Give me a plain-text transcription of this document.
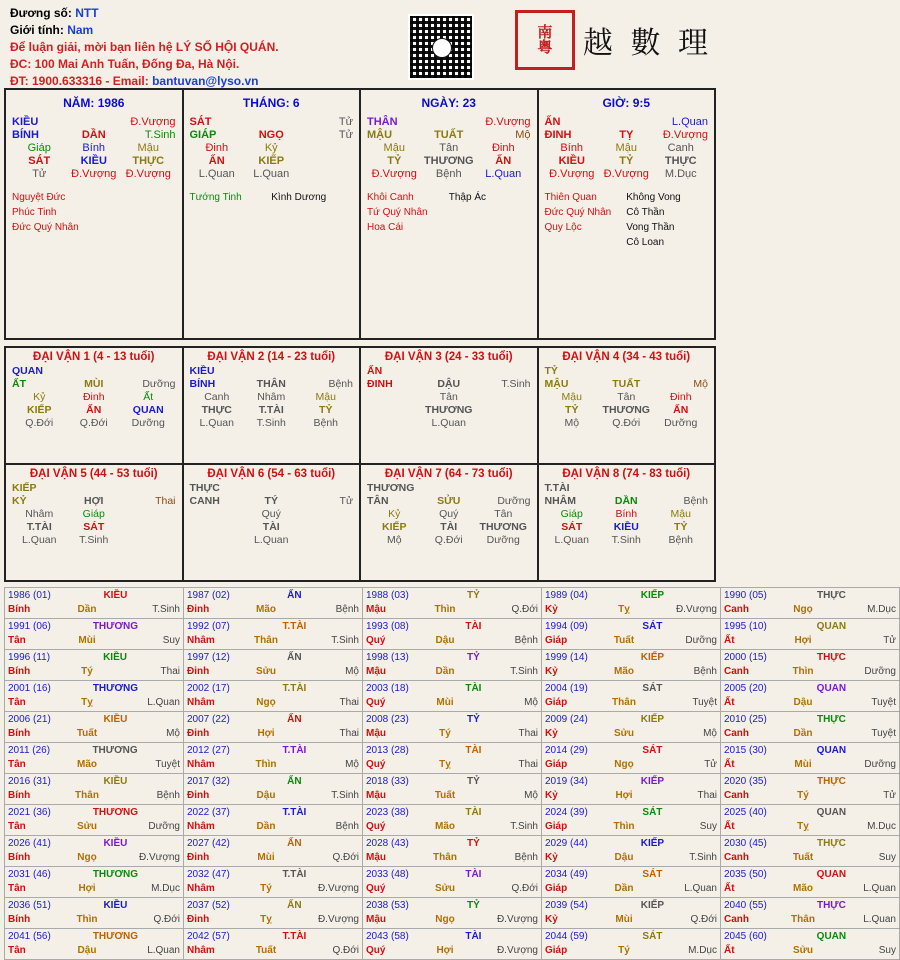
Đương số: NTT
Giới tính: Nam
Để luận giải, mời bạn liên hệ LÝ SỐ HỘI QUÁN.
ĐC: 100 Mai Anh Tuấn, Đống Đa, Hà Nội.
ĐT: 1900.633316 - Email: bantuvan@lyso.vn
南
粵 越 數 理
NĂM: 1986
KIỀU	Đ.Vượng
BÍNH	DẦN	T.Sinh
Giáp	Bính	Mậu
SÁT	KIỀU	THỰC
Tử	Đ.Vượng Đ.Vượng
Nguyệt Đức
Phúc Tinh
Đức Quý Nhân
THÁNG: 6
SÁT	Tử
GIÁP	NGỌ	Tử
Đinh	Kỷ
ẤN	KIẾP
L.Quan	L.Quan
Tướng Tinh	Kình Dương
NGÀY: 23
THÂN	Đ.Vượng
MẬU	TUẤT	Mộ
Mậu	Tân	Đinh
TỶ	THƯƠNG	ẤN
Đ.Vượng	Bệnh	L.Quan
Khôi Canh	Thập Ác
Tứ Quý Nhân
Hoa Cái
GIỜ: 9:5
ẤN	L.Quan
ĐINH	TỴ	Đ.Vượng
Bính	Mậu	Canh
KIỀU	TỶ	THỰC
Đ.Vượng Đ.Vượng	M.Dục
Thiên Quan	Không Vong
Đức Quý Nhân	Cô Thần
Quy Lộc	Vong Thần
Cô Loan
ĐẠI VẬN 1 (4 - 13 tuổi)
QUAN
ẤT	MÙI	Dưỡng
Kỷ	Đinh	Ất
KIẾP	ẤN	QUAN
Q.Đới	Q.Đới	Dưỡng
ĐẠI VẬN 2 (14 - 23 tuổi)
KIỀU
BÍNH	THÂN	Bệnh
Canh	Nhâm	Mậu
THỰC	T.TÀI	TỶ
L.Quan	T.Sinh	Bệnh
ĐẠI VẬN 3 (24 - 33 tuổi)
ẤN
ĐINH	DẬU	T.Sinh
Tân
THƯƠNG
L.Quan
ĐẠI VẬN 4 (34 - 43 tuổi)
TỶ
MẬU	TUẤT	Mộ
Mậu	Tân	Đinh
TỶ	THƯƠNG	ẤN
Mộ	Q.Đới	Dưỡng
ĐẠI VẬN 5 (44 - 53 tuổi)
KIẾP
KỶ	HỢI	Thai
Nhâm	Giáp
T.TÀI	SÁT
L.Quan	T.Sinh
ĐẠI VẬN 6 (54 - 63 tuổi)
THỰC
CANH	TÝ	Tử
Quý
TÀI
L.Quan
ĐẠI VẬN 7 (64 - 73 tuổi)
THƯƠNG
TÂN	SỬU	Dưỡng
Kỷ	Quý	Tân
KIẾP	TÀI	THƯƠNG
Mộ	Q.Đới	Dưỡng
ĐẠI VẬN 8 (74 - 83 tuổi)
T.TÀI
NHÂM	DẦN	Bệnh
Giáp	Bính	Mậu
SÁT	KIỀU	TỶ
L.Quan	T.Sinh	Bệnh
1986 (01)	KIỀU
Bính	Dần	T.Sinh

1987 (02)	ẤN
Đinh	Mão	Bệnh

1988 (03)	TỶ
Mậu	Thìn	Q.Đới

1989 (04)	KIẾP
Kỷ	Tỵ	Đ.Vượng

1990 (05)	THỰC
Canh	Ngọ	M.Dục

1991 (06)	THƯƠNG
Tân	Mùi	Suy

1992 (07)	T.TÀI
Nhâm	Thân	T.Sinh

1993 (08)	TÀI
Quý	Dậu	Bệnh

1994 (09)	SÁT
Giáp	Tuất	Dưỡng

1995 (10)	QUAN
Ất	Hợi	Tử

1996 (11)	KIỀU
Bính	Tý	Thai

1997 (12)	ẤN
Đinh	Sửu	Mộ

1998 (13)	TỶ
Mậu	Dần	T.Sinh

1999 (14)	KIẾP
Kỷ	Mão	Bệnh

2000 (15)	THỰC
Canh	Thìn	Dưỡng

2001 (16)	THƯƠNG
Tân	Tỵ	L.Quan

2002 (17)	T.TÀI
Nhâm	Ngọ	Thai

2003 (18)	TÀI
Quý	Mùi	Mộ

2004 (19)	SÁT
Giáp	Thân	Tuyệt

2005 (20)	QUAN
Ất	Dậu	Tuyệt

2006 (21)	KIỀU
Bính	Tuất	Mộ

2007 (22)	ẤN
Đinh	Hợi	Thai

2008 (23)	TỶ
Mậu	Tý	Thai

2009 (24)	KIẾP
Kỷ	Sửu	Mộ

2010 (25)	THỰC
Canh	Dần	Tuyệt

2011 (26)	THƯƠNG
Tân	Mão	Tuyệt

2012 (27)	T.TÀI
Nhâm	Thìn	Mộ

2013 (28)	TÀI
Quý	Tỵ	Thai

2014 (29)	SÁT
Giáp	Ngọ	Tử

2015 (30)	QUAN
Ất	Mùi	Dưỡng

2016 (31)	KIỀU
Bính	Thân	Bệnh

2017 (32)	ẤN
Đinh	Dậu	T.Sinh

2018 (33)	TỶ
Mậu	Tuất	Mộ

2019 (34)	KIẾP
Kỷ	Hợi	Thai

2020 (35)	THỰC
Canh	Tý	Tử

2021 (36)	THƯƠNG
Tân	Sửu	Dưỡng

2022 (37)	T.TÀI
Nhâm	Dần	Bệnh

2023 (38)	TÀI
Quý	Mão	T.Sinh

2024 (39)	SÁT
Giáp	Thìn	Suy

2025 (40)	QUAN
Ất	Tỵ	M.Dục

2026 (41)	KIỀU
Bính	Ngọ	Đ.Vượng

2027 (42)	ẤN
Đinh	Mùi	Q.Đới

2028 (43)	TỶ
Mậu	Thân	Bệnh

2029 (44)	KIẾP
Kỷ	Dậu	T.Sinh

2030 (45)	THỰC
Canh	Tuất	Suy

2031 (46)	THƯƠNG
Tân	Hợi	M.Dục

2032 (47)	T.TÀI
Nhâm	Tý	Đ.Vượng

2033 (48)	TÀI
Quý	Sửu	Q.Đới

2034 (49)	SÁT
Giáp	Dần	L.Quan

2035 (50)	QUAN
Ất	Mão	L.Quan

2036 (51)	KIỀU
Bính	Thìn	Q.Đới

2037 (52)	ẤN
Đinh	Tỵ	Đ.Vượng

2038 (53)	TỶ
Mậu	Ngọ	Đ.Vượng

2039 (54)	KIẾP
Kỷ	Mùi	Q.Đới

2040 (55)	THỰC
Canh	Thân	L.Quan

2041 (56)	THƯƠNG
Tân	Dậu	L.Quan

2042 (57)	T.TÀI
Nhâm	Tuất	Q.Đới

2043 (58)	TÀI
Quý	Hợi	Đ.Vượng

2044 (59)	SÁT
Giáp	Tý	M.Dục

2045 (60)	QUAN
Ất	Sửu	Suy
